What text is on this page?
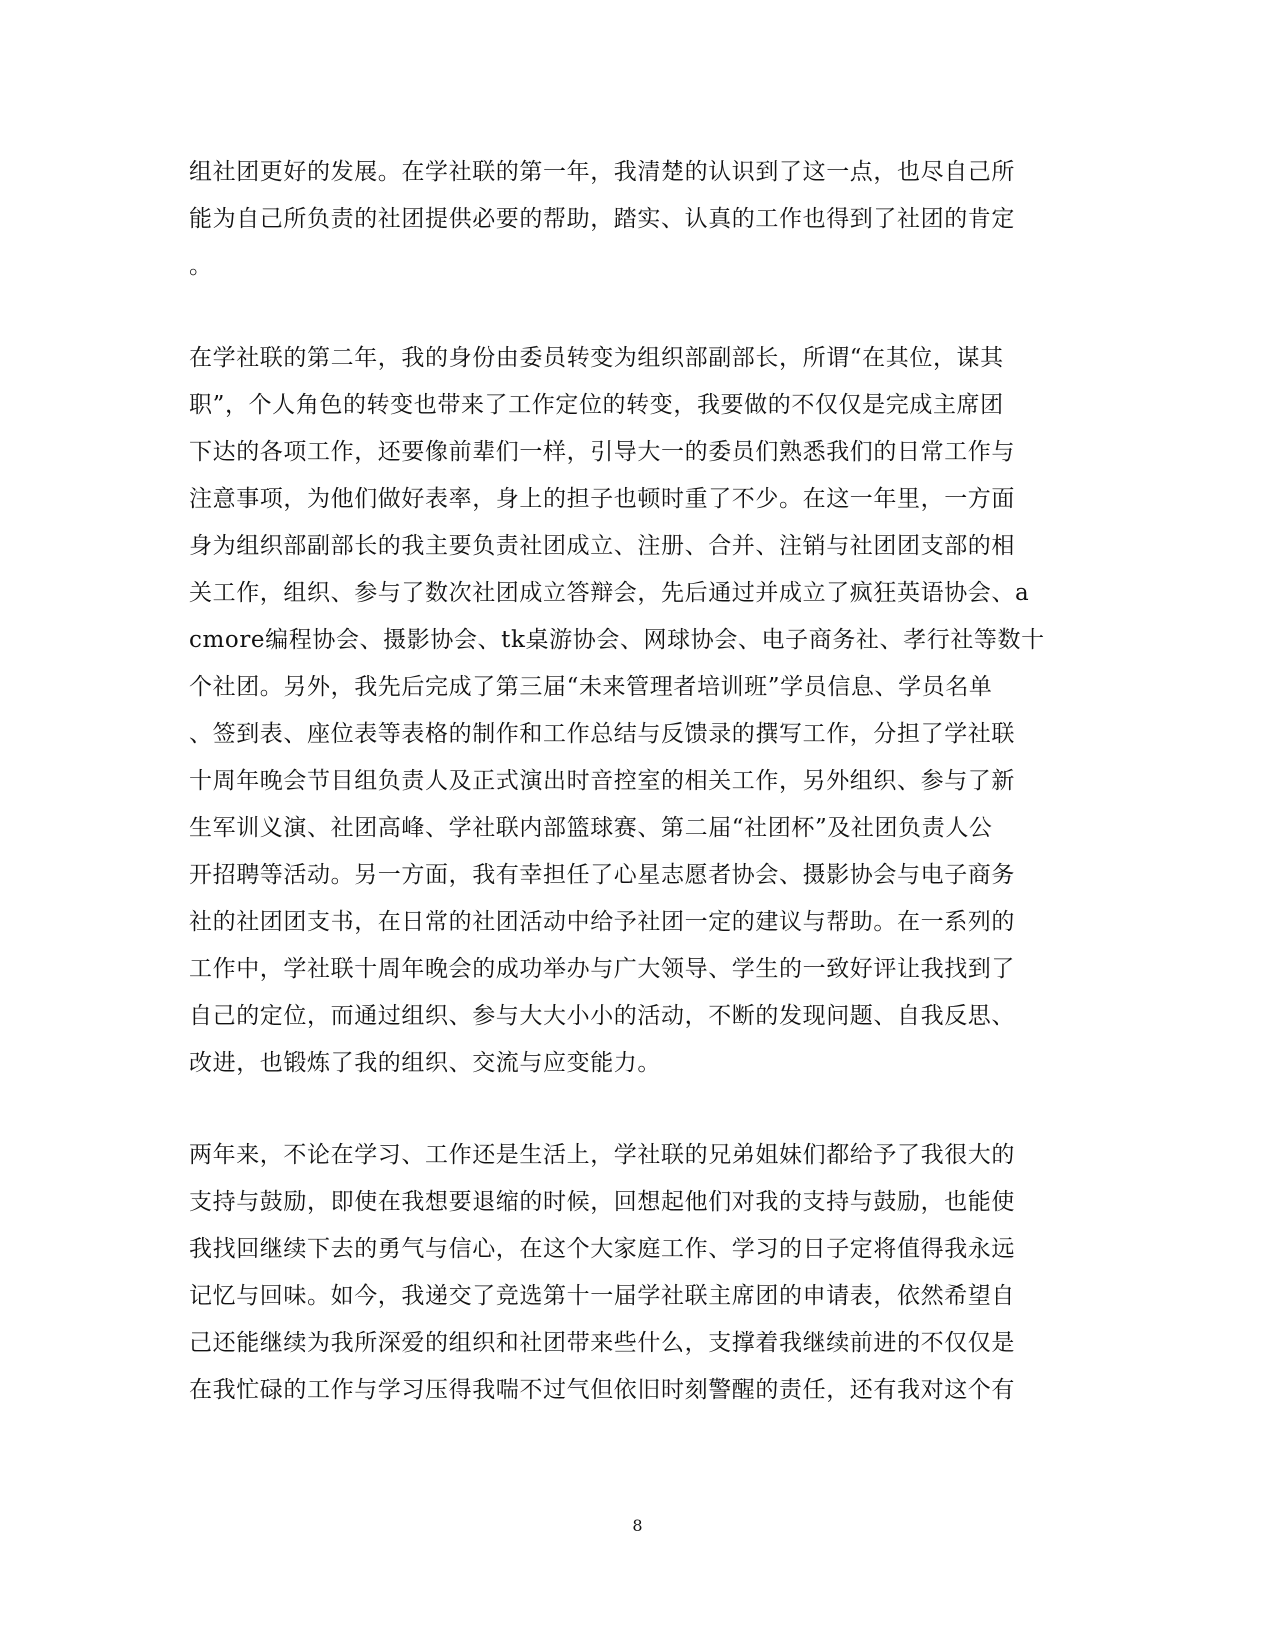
组社团更好的发展。在学社联的第一年，我清楚的认识到了这一点，也尽自己所
能为自己所负责的社团提供必要的帮助，踏实、认真的工作也得到了社团的肯定
。
在学社联的第二年，我的身份由委员转变为组织部副部长，所谓“在其位，谋其
职”，个人角色的转变也带来了工作定位的转变，我要做的不仅仅是完成主席团
下达的各项工作，还要像前辈们一样，引导大一的委员们熟悉我们的日常工作与
注意事项，为他们做好表率，身上的担子也顿时重了不少。在这一年里，一方面
身为组织部副部长的我主要负责社团成立、注册、合并、注销与社团团支部的相
关工作，组织、参与了数次社团成立答辩会，先后通过并成立了疯狂英语协会、a
cmore编程协会、摄影协会、tk桌游协会、网球协会、电子商务社、孝行社等数十
个社团。另外，我先后完成了第三届“未来管理者培训班”学员信息、学员名单
、签到表、座位表等表格的制作和工作总结与反馈录的撰写工作，分担了学社联
十周年晚会节目组负责人及正式演出时音控室的相关工作，另外组织、参与了新
生军训义演、社团高峰、学社联内部篮球赛、第二届“社团杯”及社团负责人公
开招聘等活动。另一方面，我有幸担任了心星志愿者协会、摄影协会与电子商务
社的社团团支书，在日常的社团活动中给予社团一定的建议与帮助。在一系列的
工作中，学社联十周年晚会的成功举办与广大领导、学生的一致好评让我找到了
自己的定位，而通过组织、参与大大小小的活动，不断的发现问题、自我反思、
改进，也锻炼了我的组织、交流与应变能力。
两年来，不论在学习、工作还是生活上，学社联的兄弟姐妹们都给予了我很大的
支持与鼓励，即使在我想要退缩的时候，回想起他们对我的支持与鼓励，也能使
我找回继续下去的勇气与信心，在这个大家庭工作、学习的日子定将值得我永远
记忆与回味。如今，我递交了竞选第十一届学社联主席团的申请表，依然希望自
己还能继续为我所深爱的组织和社团带来些什么，支撑着我继续前进的不仅仅是
在我忙碌的工作与学习压得我喘不过气但依旧时刻警醒的责任，还有我对这个有
8
